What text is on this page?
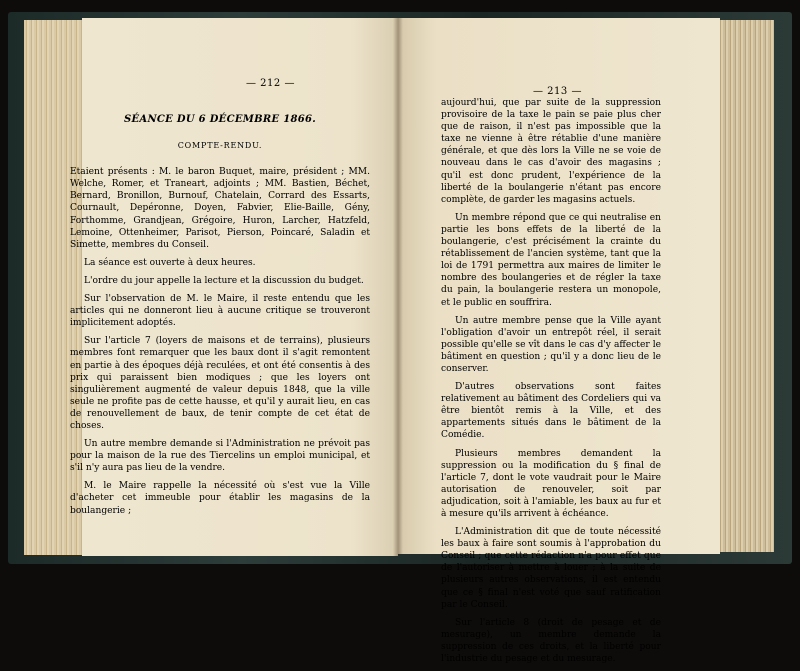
— 212 —
— 213 —
SÉANCE DU 6 DÉCEMBRE 1866.
COMPTE-RENDU.

Etaient présents : M. le baron Buquet, maire, président ; MM. Welche, Romer, et Traneart, adjoints ; MM. Bastien, Béchet, Bernard, Bronillon, Burnouf, Chatelain, Corrard des Essarts, Cournault, Depéronne, Doyen, Fabvier, Elie-Baille, Gény, Forthomme, Grandjean, Grégoire, Huron, Larcher, Hatzfeld, Lemoine, Ottenheimer, Parisot, Pierson, Poincaré, Saladin et Simette, membres du Conseil.

La séance est ouverte à deux heures.

L'ordre du jour appelle la lecture et la discussion du budget.

Sur l'observation de M. le Maire, il reste entendu que les articles qui ne donneront lieu à aucune critique se trouveront implicitement adoptés.

Sur l'article 7 (loyers de maisons et de terrains), plusieurs membres font remarquer que les baux dont il s'agit remontent en partie à des époques déjà reculées, et ont été consentis à des prix qui paraissent bien modiques ; que les loyers ont singulièrement augmenté de valeur depuis 1848, que la ville seule ne profite pas de cette hausse, et qu'il y aurait lieu, en cas de renouvellement de baux, de tenir compte de cet état de choses.

Un autre membre demande si l'Administration ne prévoit pas pour la maison de la rue des Tiercelins un emploi municipal, et s'il n'y aura pas lieu de la vendre.

M. le Maire rappelle la nécessité où s'est vue la Ville d'acheter cet immeuble pour établir les magasins de la boulangerie ;

aujourd'hui, que par suite de la suppression provisoire de la taxe le pain se paie plus cher que de raison, il n'est pas impossible que la taxe ne vienne à être rétablie d'une manière générale, et que dès lors la Ville ne se voie de nouveau dans le cas d'avoir des magasins ; qu'il est donc prudent, l'expérience de la liberté de la boulangerie n'étant pas encore complète, de garder les magasins actuels.

Un membre répond que ce qui neutralise en partie les bons effets de la liberté de la boulangerie, c'est précisément la crainte du rétablissement de l'ancien système, tant que la loi de 1791 permettra aux maires de limiter le nombre des boulangeries et de régler la taxe du pain, la boulangerie restera un monopole, et le public en souffrira.

Un autre membre pense que la Ville ayant l'obligation d'avoir un entrepôt réel, il serait possible qu'elle se vît dans le cas d'y affecter le bâtiment en question ; qu'il y a donc lieu de le conserver.

D'autres observations sont faites relativement au bâtiment des Cordeliers qui va être bientôt remis à la Ville, et des appartements situés dans le bâtiment de la Comédie.

Plusieurs membres demandent la suppression ou la modification du § final de l'article 7, dont le vote vaudrait pour le Maire autorisation de renouveler, soit par adjudication, soit à l'amiable, les baux au fur et à mesure qu'ils arrivent à échéance.

L'Administration dit que de toute nécessité les baux à faire sont soumis à l'approbation du Conseil ; que cette rédaction n'a pour effet que de l'autoriser à mettre à louer ; à la suite de plusieurs autres observations, il est entendu que ce § final n'est voté que sauf ratification par le Conseil.

Sur l'article 8 (droit de pesage et de mesurage), un membre demande la suppression de ces droits, et la liberté pour l'industrie du pesage et du mesurage.
